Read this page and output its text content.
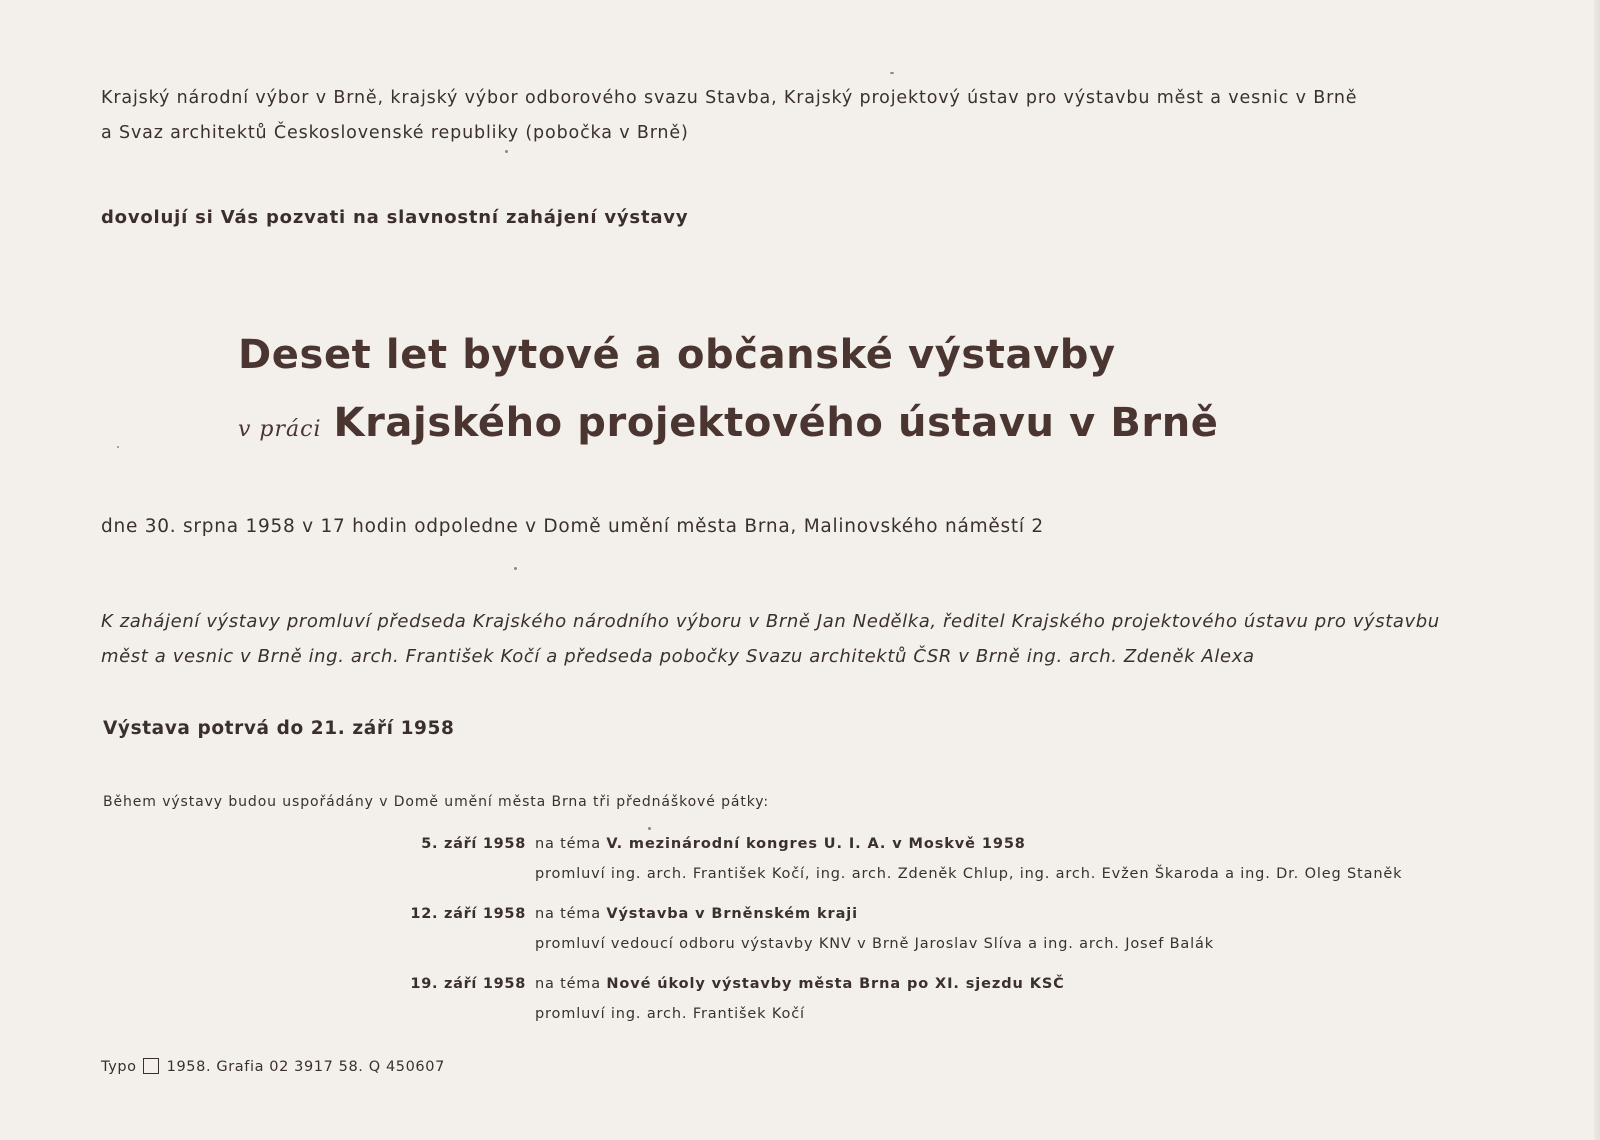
Krajský národní výbor v Brně, krajský výbor odborového svazu Stavba, Krajský projektový ústav pro výstavbu měst a vesnic v Brně
a Svaz architektů Československé republiky (pobočka v Brně)
dovolují si Vás pozvati na slavnostní zahájení výstavy
Deset let bytové a občanské výstavby
v práci Krajského projektového ústavu v Brně
dne 30. srpna 1958 v 17 hodin odpoledne v Domě umění města Brna, Malinovského náměstí 2
K zahájení výstavy promluví předseda Krajského národního výboru v Brně Jan Nedělka, ředitel Krajského projektového ústavu pro výstavbu
měst a vesnic v Brně ing. arch. František Kočí a předseda pobočky Svazu architektů ČSR v Brně ing. arch. Zdeněk Alexa
Výstava potrvá do 21. září 1958
Během výstavy budou uspořádány v Domě umění města Brna tři přednáškové pátky:
5. září 1958 na téma V. mezinárodní kongres U. I. A. v Moskvě 1958
promluví ing. arch. František Kočí, ing. arch. Zdeněk Chlup, ing. arch. Evžen Škaroda a ing. Dr. Oleg Staněk
12. září 1958 na téma Výstavba v Brněnském kraji
promluví vedoucí odboru výstavby KNV v Brně Jaroslav Slíva a ing. arch. Josef Balák
19. září 1958 na téma Nové úkoly výstavby města Brna po XI. sjezdu KSČ
promluví ing. arch. František Kočí
Typo 1958. Grafia 02 3917 58. Q 450607
